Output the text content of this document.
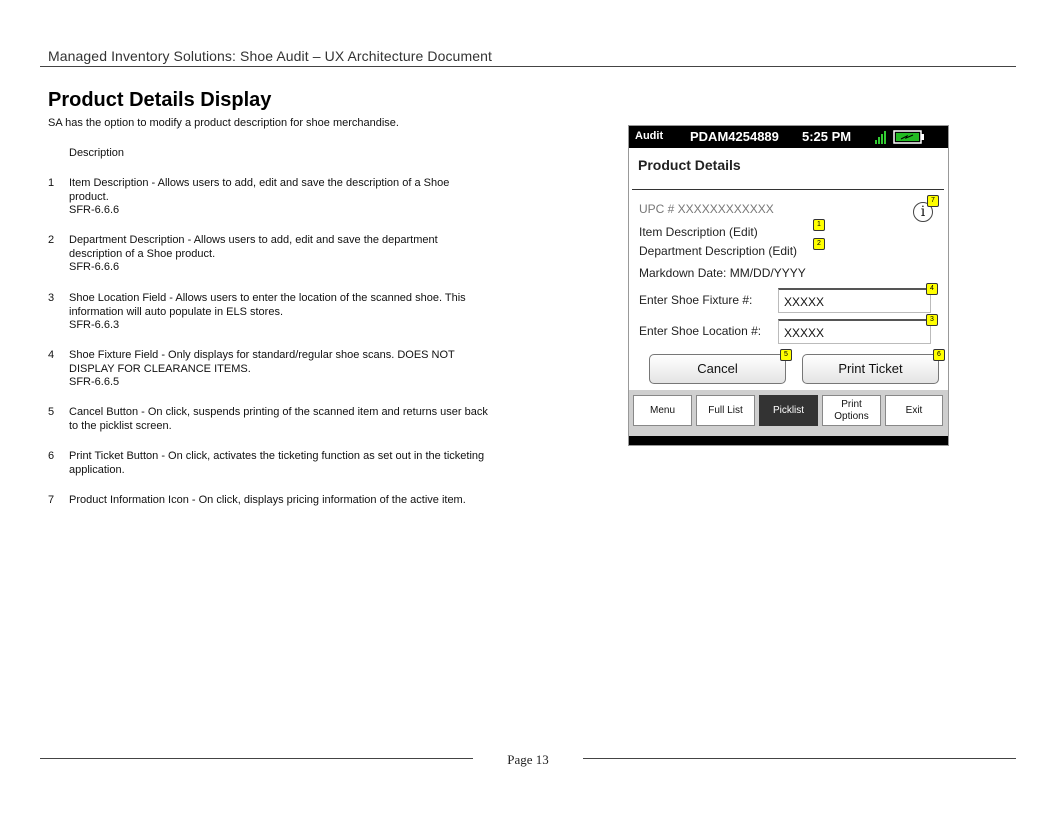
Managed Inventory Solutions: Shoe Audit – UX Architecture Document
Product Details Display
SA has the option to modify a product description for shoe merchandise.
Description
1 Item Description - Allows users to add, edit and save the description of a Shoe
product.
SFR-6.6.6
2 Department Description - Allows users to add, edit and save the department
description of a Shoe product.
SFR-6.6.6
3 Shoe Location Field - Allows users to enter the location of the scanned shoe. This
information will auto populate in ELS stores.
SFR-6.6.3
4 Shoe Fixture Field - Only displays for standard/regular shoe scans. DOES NOT
DISPLAY FOR CLEARANCE ITEMS.
SFR-6.6.5
5 Cancel Button - On click, suspends printing of the scanned item and returns user back
to the picklist screen.
6 Print Ticket Button - On click, activates the ticketing function as set out in the ticketing
application.
7 Product Information Icon - On click, displays pricing information of the active item.
Audit PDAM4254889 5:25 PM
Product Details
UPC # XXXXXXXXXXXX	i
7
Item Description (Edit)
1
Department Description (Edit)
2
Markdown Date: MM/DD/YYYY
Enter Shoe Fixture #:	XXXXX
4
Enter Shoe Location #:	XXXXX
3
Cancel
5
Print Ticket
6
Menu	Full List	Picklist
Print
Options
Exit
Page 13
